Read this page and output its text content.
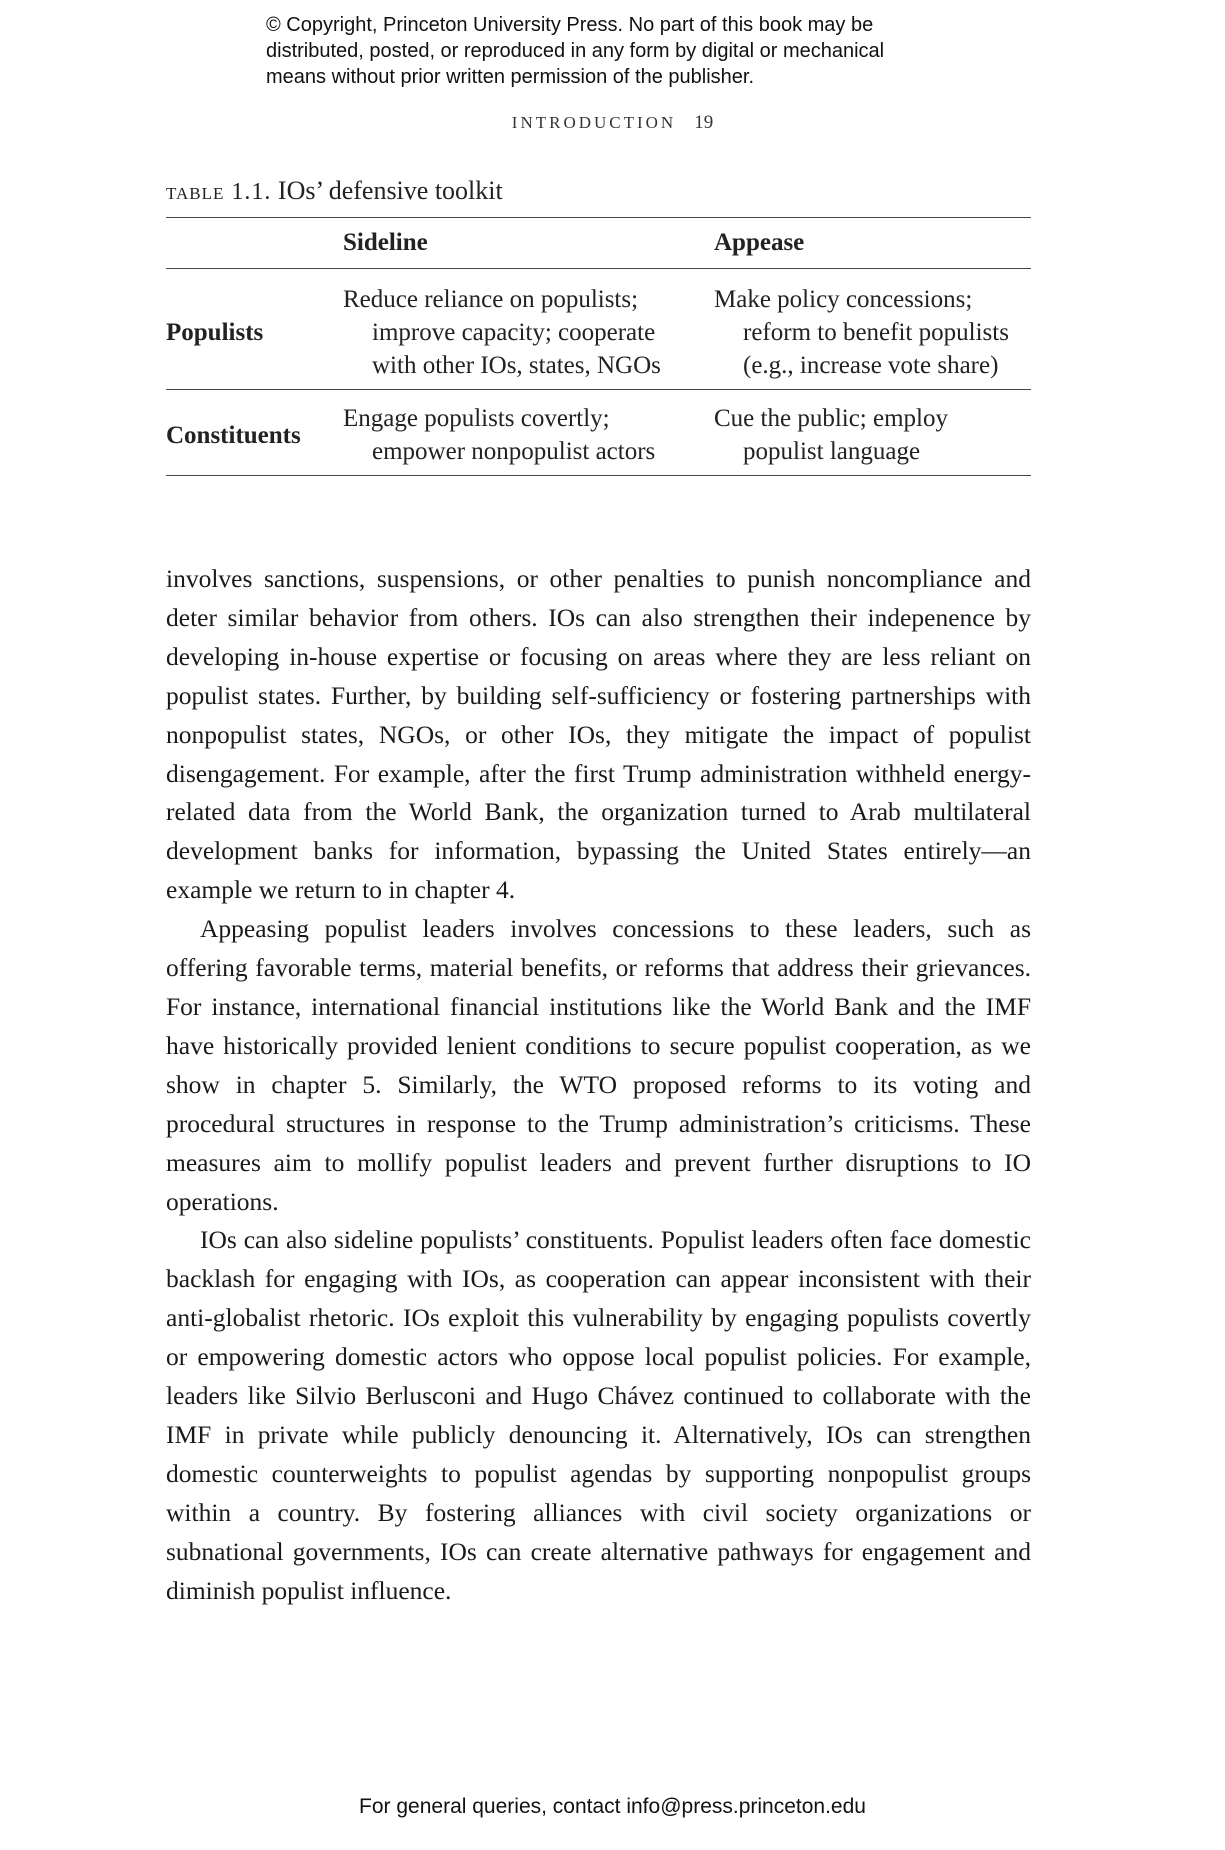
© Copyright, Princeton University Press. No part of this book may be
distributed, posted, or reproduced in any form by digital or mechanical
means without prior written permission of the publisher.
INTRODUCTION 19
table 1.1. IOs’ defensive toolkit
Sideline	Appease
Populists
Reduce reliance on populists;
improve capacity; cooperate
with other IOs, states, NGOs
Make policy concessions;
reform to benefit populists
(e.g., increase vote share)
Constituents
Engage populists covertly;
empower nonpopulist actors
Cue the public; employ
populist language

involves sanctions, suspensions, or other penalties to punish noncompliance and deter similar behavior from others. IOs can also strengthen their indepenence by developing in-house expertise or focusing on areas where they are less reliant on populist states. Further, by building self-sufficiency or fostering partnerships with nonpopulist states, NGOs, or other IOs, they mitigate the impact of populist disengagement. For example, after the first Trump administration withheld energy-related data from the World Bank, the organization turned to Arab multilateral development banks for information, bypassing the United States entirely—an example we return to in chapter 4.

Appeasing populist leaders involves concessions to these leaders, such as offering favorable terms, material benefits, or reforms that address their grievances. For instance, international financial institutions like the World Bank and the IMF have historically provided lenient conditions to secure populist cooperation, as we show in chapter 5. Similarly, the WTO proposed reforms to its voting and procedural structures in response to the Trump administration’s criticisms. These measures aim to mollify populist leaders and prevent further disruptions to IO operations.

IOs can also sideline populists’ constituents. Populist leaders often face domestic backlash for engaging with IOs, as cooperation can appear inconsistent with their anti-globalist rhetoric. IOs exploit this vulnerability by engaging populists covertly or empowering domestic actors who oppose local populist policies. For example, leaders like Silvio Berlusconi and Hugo Chávez continued to collaborate with the IMF in private while publicly denouncing it. Alternatively, IOs can strengthen domestic counterweights to populist agendas by supporting nonpopulist groups within a country. By fostering alliances with civil society organizations or subnational governments, IOs can create alternative pathways for engagement and diminish populist influence.

For general queries, contact info@press.princeton.edu
